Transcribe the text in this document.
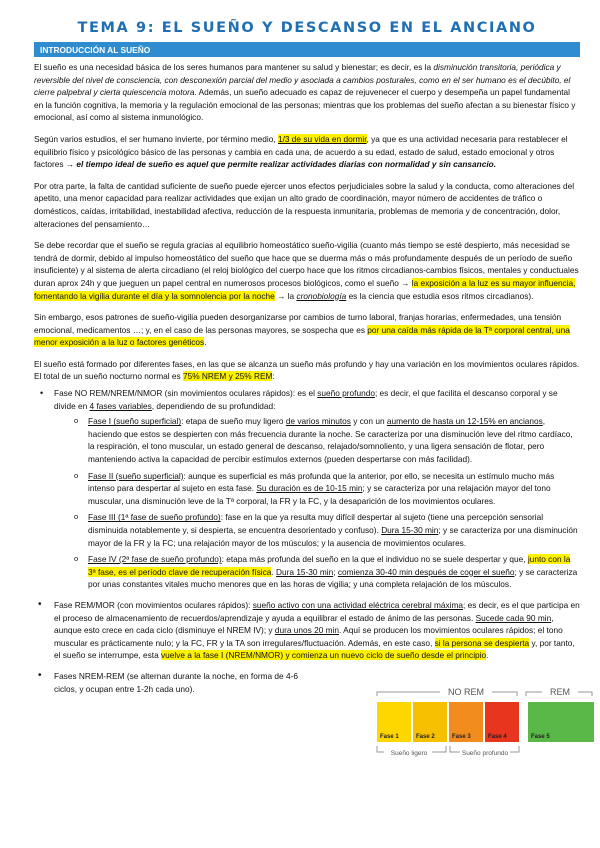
TEMA 9: EL SUEÑO Y DESCANSO EN EL ANCIANO
INTRODUCCIÓN AL SUEÑO

El sueño es una necesidad básica de los seres humanos para mantener su salud y bienestar; es decir, es la disminución transitoria, periódica y reversible del nivel de consciencia, con desconexión parcial del medio y asociada a cambios posturales, como en el ser humano es el decúbito, el cierre palpebral y cierta quiescencia motora. Además, un sueño adecuado es capaz de rejuvenecer el cuerpo y desempeña un papel fundamental en la función cognitiva, la memoria y la regulación emocional de las personas; mientras que los problemas del sueño afectan a su bienestar físico y emocional, así como al sistema inmunológico.

Según varios estudios, el ser humano invierte, por término medio, 1/3 de su vida en dormir, ya que es una actividad necesaria para restablecer el equilibrio físico y psicológico básico de las personas y cambia en cada una, de acuerdo a su edad, estado de salud, estado emocional y otros factores → el tiempo ideal de sueño es aquel que permite realizar actividades diarias con normalidad y sin cansancio.

Por otra parte, la falta de cantidad suficiente de sueño puede ejercer unos efectos perjudiciales sobre la salud y la conducta, como alteraciones del apetito, una menor capacidad para realizar actividades que exijan un alto grado de coordinación, mayor número de accidentes de tráfico o domésticos, caídas, irritabilidad, inestabilidad afectiva, reducción de la respuesta inmunitaria, problemas de memoria y de concentración, dolor, alteraciones del pensamiento…

Se debe recordar que el sueño se regula gracias al equilibrio homeostático sueño-vigilia (cuanto más tiempo se esté despierto, más necesidad se tendrá de dormir, debido al impulso homeostático del sueño que hace que se duerma más o más profundamente después de un período de sueño insuficiente) y al sistema de alerta circadiano (el reloj biológico del cuerpo hace que los ritmos circadianos-cambios físicos, mentales y conductuales duran aprox 24h y que jueguen un papel central en numerosos procesos biológicos, como el sueño → la exposición a la luz es su mayor influencia, fomentando la vigilia durante el día y la somnolencia por la noche → la cronobiología es la ciencia que estudia esos ritmos circadianos).

Sin embargo, esos patrones de sueño-vigilia pueden desorganizarse por cambios de turno laboral, franjas horarias, enfermedades, una tensión emocional, medicamentos …; y, en el caso de las personas mayores, se sospecha que es por una caída más rápida de la Tª corporal central, una menor exposición a la luz o factores genéticos.

El sueño está formado por diferentes fases, en las que se alcanza un sueño más profundo y hay una variación en los movimientos oculares rápidos. El total de un sueño nocturno normal es 75% NREM y 25% REM:

• Fase NO REM/NREM/NMOR (sin movimientos oculares rápidos): es el sueño profundo; es decir, el que facilita el descanso corporal y se divide en 4 fases variables, dependiendo de su profundidad:
o Fase I (sueño superficial): etapa de sueño muy ligero de varios minutos y con un aumento de hasta un 12-15% en ancianos, haciendo que estos se despierten con más frecuencia durante la noche. Se caracteriza por una disminución leve del ritmo cardíaco, la respiración, el tono muscular, un estado general de descanso, relajado/somnoliento, y una ligera sensación de flotar, pero manteniendo activa la capacidad de percibir estímulos externos (pueden despertarse con más facilidad).
o Fase II (sueño superficial): aunque es superficial es más profunda que la anterior, por ello, se necesita un estímulo mucho más intenso para despertar al sujeto en esta fase. Su duración es de 10-15 min; y se caracteriza por una relajación mayor del tono muscular, una disminución leve de la Tª corporal, la FR y la FC, y la desaparición de los movimientos oculares.
o Fase III (1ª fase de sueño profundo): fase en la que ya resulta muy difícil despertar al sujeto (tiene una percepción sensorial disminuida notablemente y, si despierta, se encuentra desorientado y confuso). Dura 15-30 min; y se caracteriza por una disminución mayor de la FR y la FC; una relajación mayor de los músculos; y la ausencia de movimientos oculares.
o Fase IV (2ª fase de sueño profundo): etapa más profunda del sueño en la que el individuo no se suele despertar y que, junto con la 3ª fase, es el período clave de recuperación física. Dura 15-30 min; comienza 30-40 min después de coger el sueño; y se caracteriza por unas constantes vitales mucho menores que en las horas de vigilia; y una completa relajación de los músculos.
• Fase REM/MOR (con movimientos oculares rápidos): sueño activo con una actividad eléctrica cerebral máxima; es decir, es el que participa en el proceso de almacenamiento de recuerdos/aprendizaje y ayuda a equilibrar el estado de ánimo de las personas. Sucede cada 90 min, aunque esto crece en cada ciclo (disminuye el NREM IV); y dura unos 20 min. Aquí se producen los movimientos oculares rápidos; el tono muscular es prácticamente nulo; y la FC, FR y la TA son irregulares/fluctuación. Además, en este caso, si la persona se despierta y, por tanto, el sueño se interrumpe, esta vuelve a la fase I (NREM/NMOR) y comienza un nuevo ciclo de sueño desde el principio.
• Fases NREM-REM (se alternan durante la noche, en forma de 4-6 ciclos, y ocupan entre 1-2h cada uno).	NO REM	REM
Fase 1	Fase 2	Fase 3	Fase 4	Fase 5
Sueño ligero	Sueño profundo
